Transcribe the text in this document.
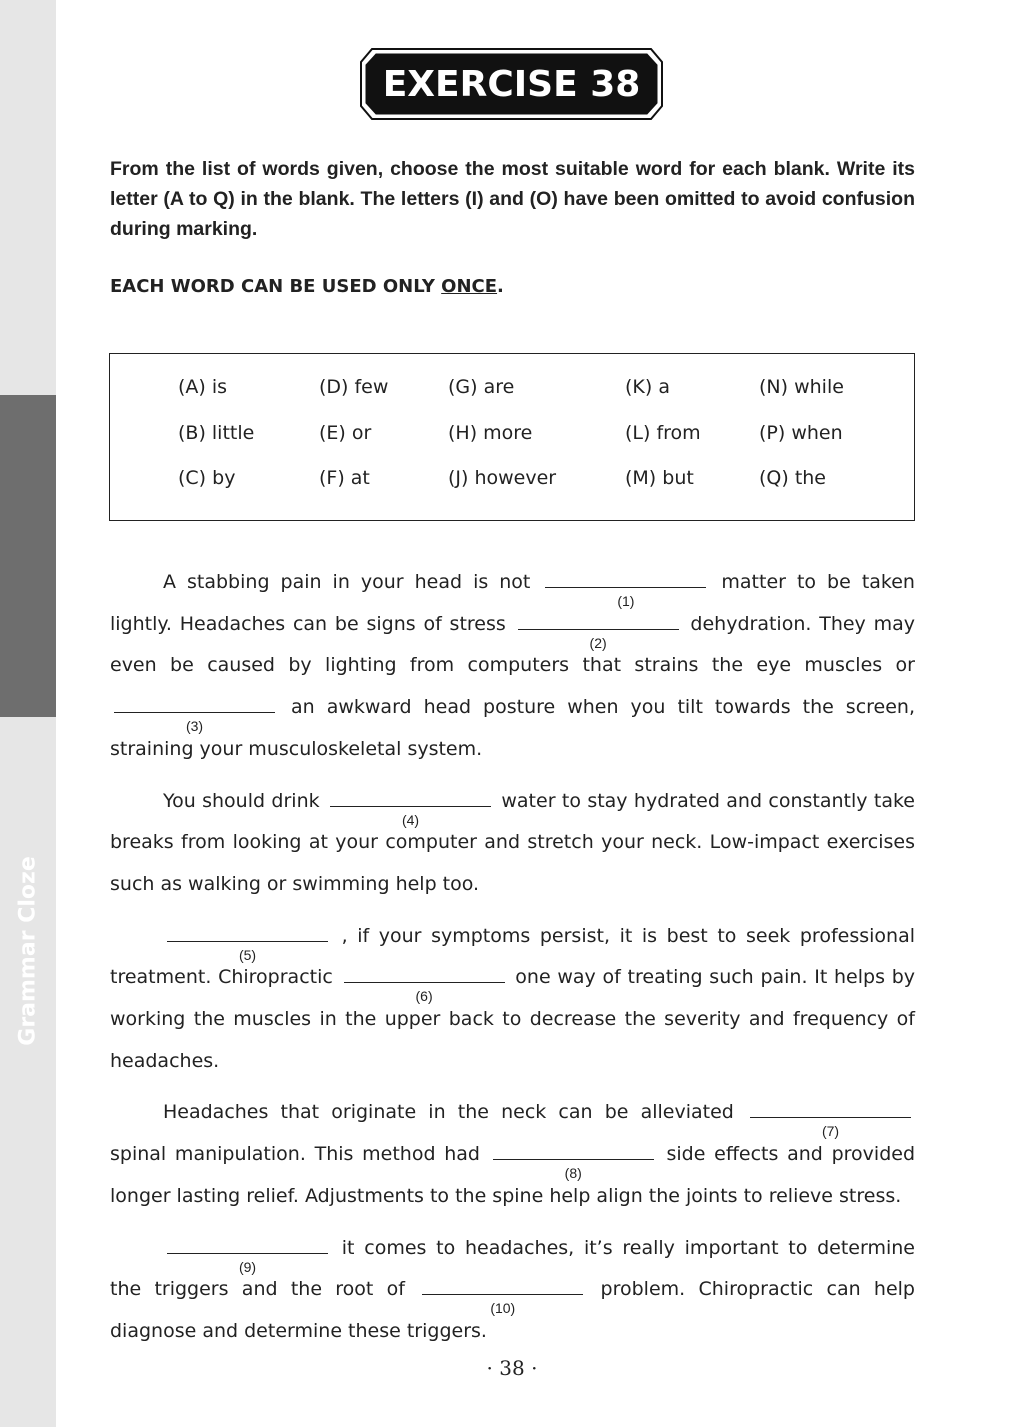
Grammar Cloze
EXERCISE 38
From the list of words given, choose the most suitable word for each blank. Write its letter (A to Q) in the blank. The letters (I) and (O) have been omitted to avoid confusion during marking.
EACH WORD CAN BE USED ONLY ONCE.
(A) is	(D) few	(G) are	(K) a	(N) while
(B) little	(E) or	(H) more	(L) from	(P) when
(C) by	(F) at	(J) however	(M) but	(Q) the

A stabbing pain in your head is not
(1)
matter to be taken lightly. Headaches can be signs of stress
(2)
dehydration. They may even be caused by lighting from computers that strains the eye muscles or
(3)
an awkward head posture when you tilt towards the screen, straining your musculoskeletal system.

You should drink
(4)
water to stay hydrated and constantly take breaks from looking at your computer and stretch your neck. Low-impact exercises such as walking or swimming help too.

(5)
, if your symptoms persist, it is best to seek professional treatment. Chiropractic
(6)
one way of treating such pain. It helps by working the muscles in the upper back to decrease the severity and frequency of headaches.

Headaches that originate in the neck can be alleviated
(7)
spinal manipulation. This method had
(8)
side effects and provided longer lasting relief. Adjustments to the spine help align the joints to relieve stress.

(9)
it comes to headaches, it’s really important to determine the triggers and the root of
(10)
problem. Chiropractic can help diagnose and determine these triggers.

· 38 ·
